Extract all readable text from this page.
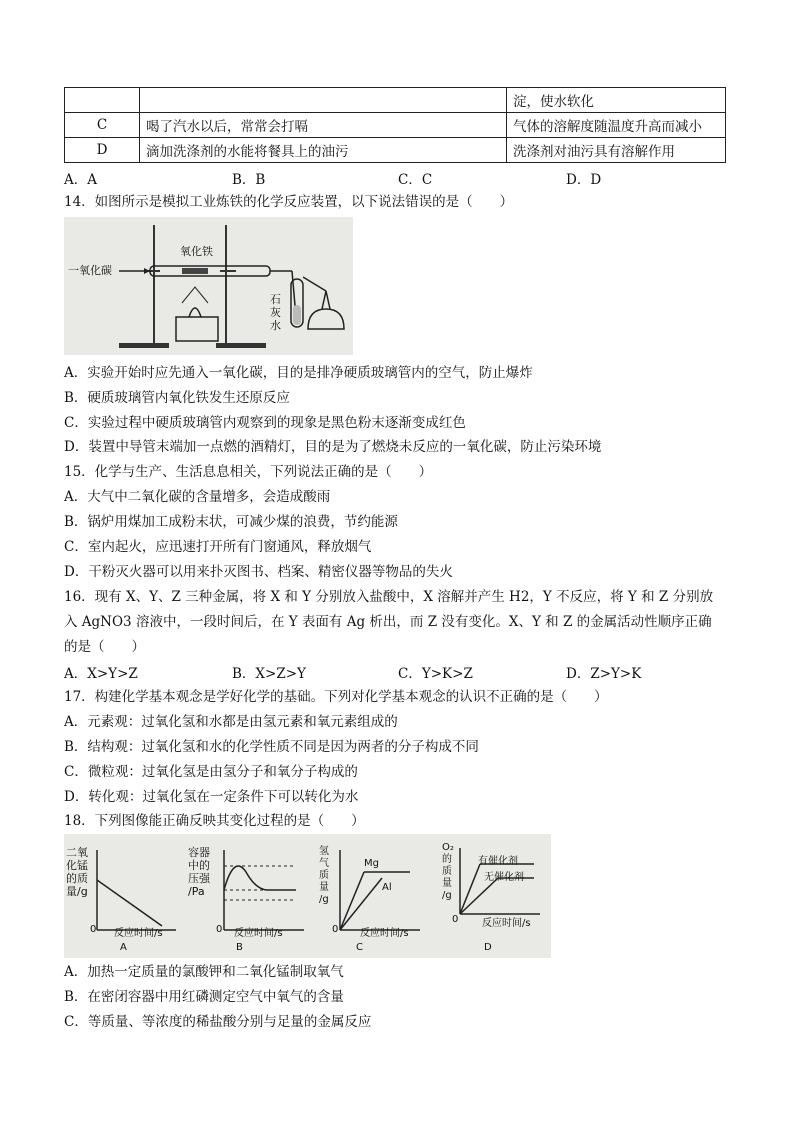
		淀，使水软化
C	喝了汽水以后，常常会打嗝	气体的溶解度随温度升高而减小
D	滴加洗涤剂的水能将餐具上的油污	洗涤剂对油污具有溶解作用
A．A	B．B	C．C	D．D
14．如图所示是模拟工业炼铁的化学反应装置，以下说法错误的是（　　）
一氧化碳
氧化铁
石
灰
水
A．实验开始时应先通入一氧化碳，目的是排净硬质玻璃管内的空气，防止爆炸
B．硬质玻璃管内氧化铁发生还原反应
C．实验过程中硬质玻璃管内观察到的现象是黑色粉末逐渐变成红色
D．装置中导管末端加一点燃的酒精灯，目的是为了燃烧未反应的一氧化碳，防止污染环境
15．化学与生产、生活息息相关，下列说法正确的是（　　）
A．大气中二氧化碳的含量增多，会造成酸雨
B．锅炉用煤加工成粉末状，可减少煤的浪费，节约能源
C．室内起火，应迅速打开所有门窗通风，释放烟气
D．干粉灭火器可以用来扑灭图书、档案、精密仪器等物品的失火
16．现有 X、Y、Z 三种金属，将 X 和 Y 分别放入盐酸中，X 溶解并产生 H2，Y 不反应，将 Y 和 Z 分别放
入 AgNO3 溶液中，一段时间后，在 Y 表面有 Ag 析出，而 Z 没有变化。X、Y 和 Z 的金属活动性顺序正确
的是（　　）
A．X>Y>Z	B．X>Z>Y	C．Y>K>Z	D．Z>Y>K
17．构建化学基本观念是学好化学的基础。下列对化学基本观念的认识不正确的是（　　）
A．元素观：过氧化氢和水都是由氢元素和氧元素组成的
B．结构观：过氧化氢和水的化学性质不同是因为两者的分子构成不同
C．微粒观：过氧化氢是由氢分子和氧分子构成的
D．转化观：过氧化氢在一定条件下可以转化为水
18．下列图像能正确反映其变化过程的是（　　）
二氧
化锰
的质
量/g
0 反应时间/s
A
容器
中的
压强
/Pa
0 反应时间/s
B
氢
气
质
量
/g
Mg
Al
0 反应时间/s
C
O₂
的
质
量
/g
有催化剂
无催化剂
0 反应时间/s
D
A．加热一定质量的氯酸钾和二氧化锰制取氧气
B．在密闭容器中用红磷测定空气中氧气的含量
C．等质量、等浓度的稀盐酸分别与足量的金属反应
